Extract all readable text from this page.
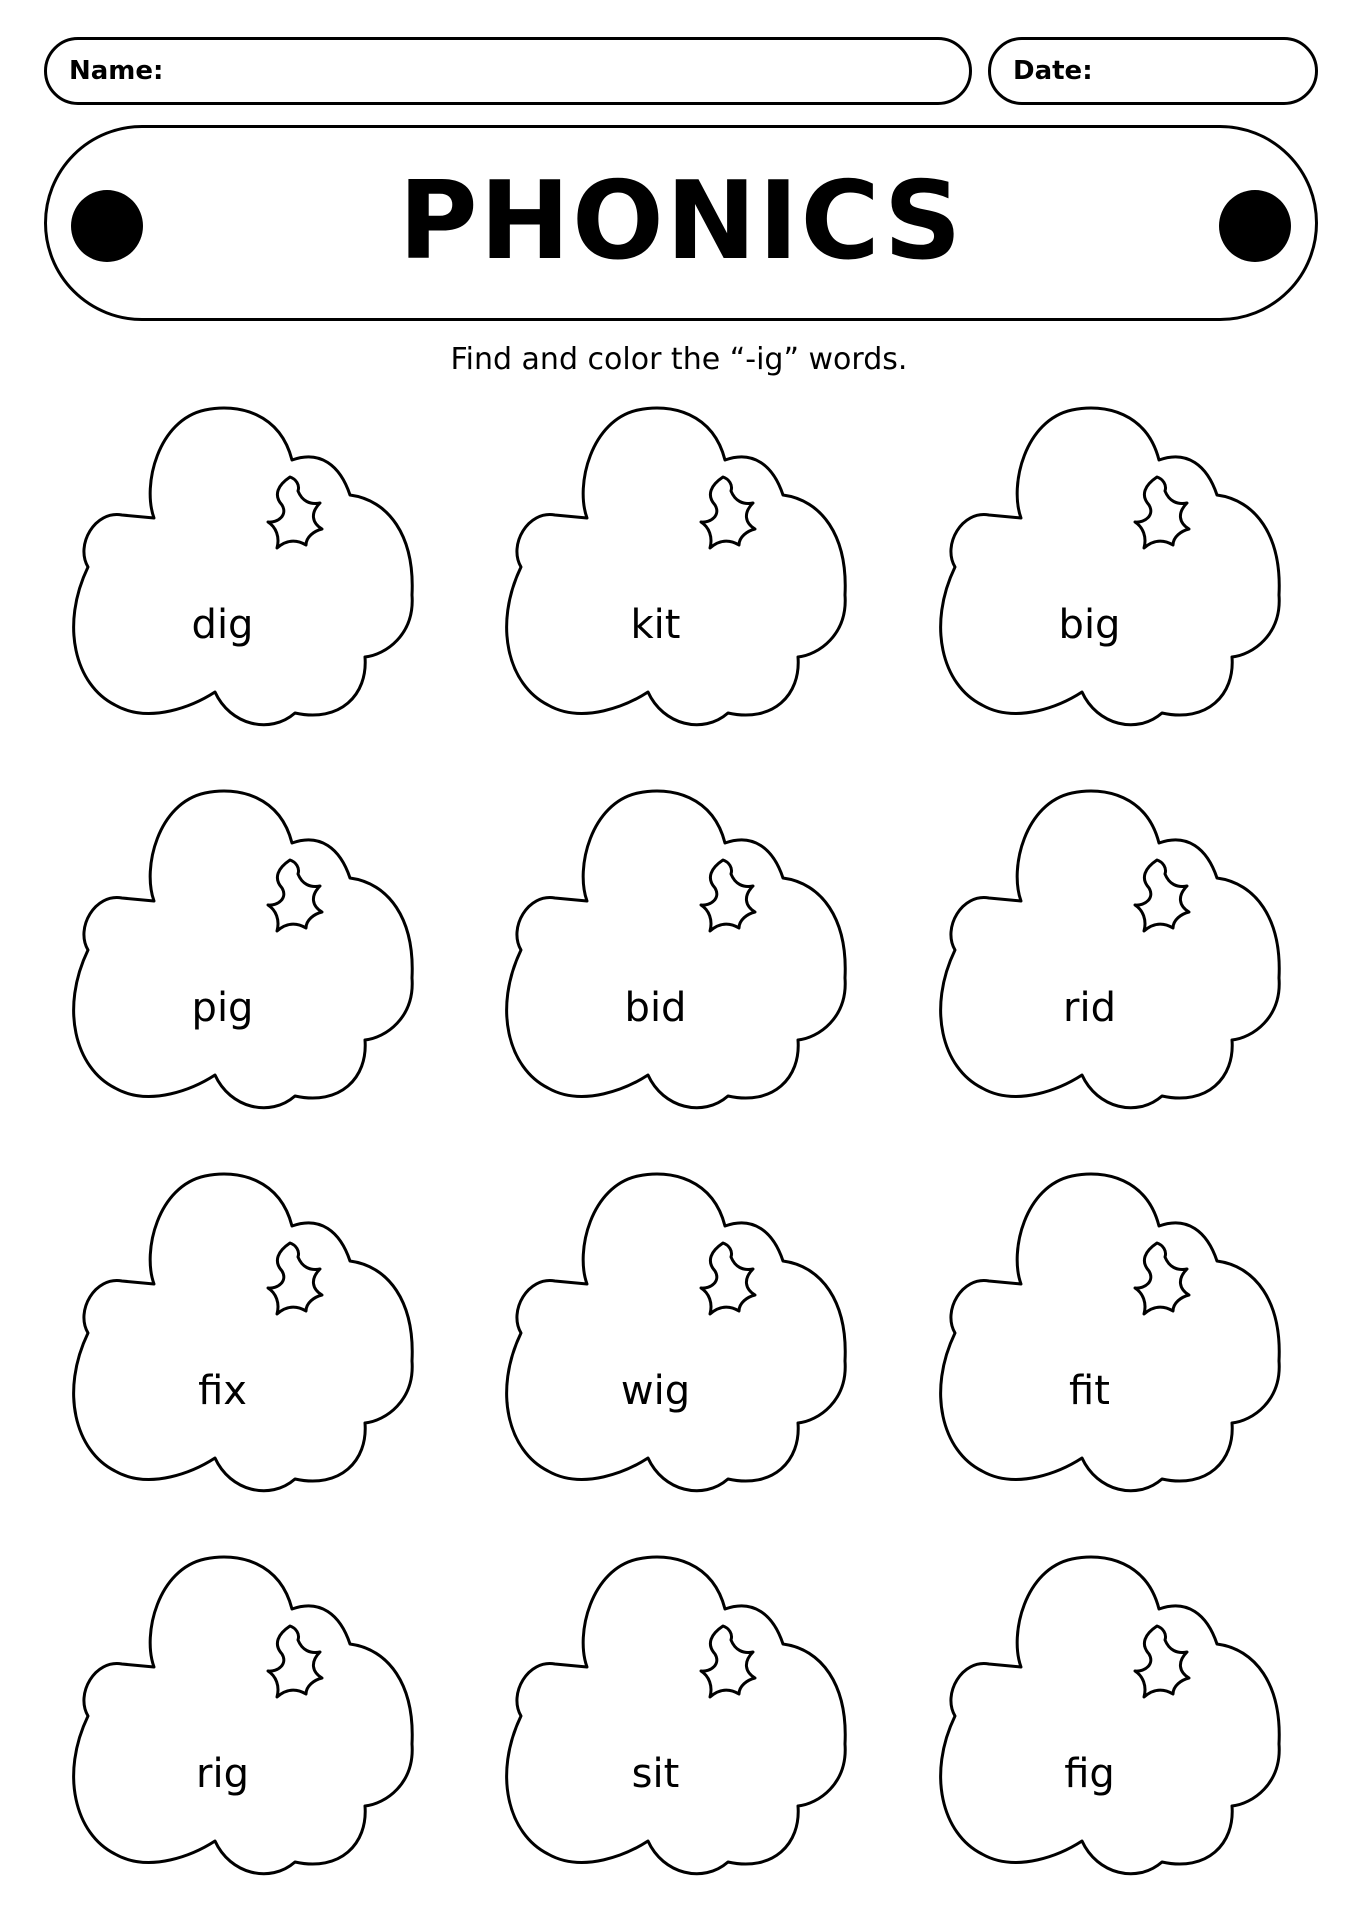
Name:	Date:
PHONICS
Find and color the “-ig” words.
dig	kit	big
pig	bid	rid
fix	wig	fit
rig	sit	fig
